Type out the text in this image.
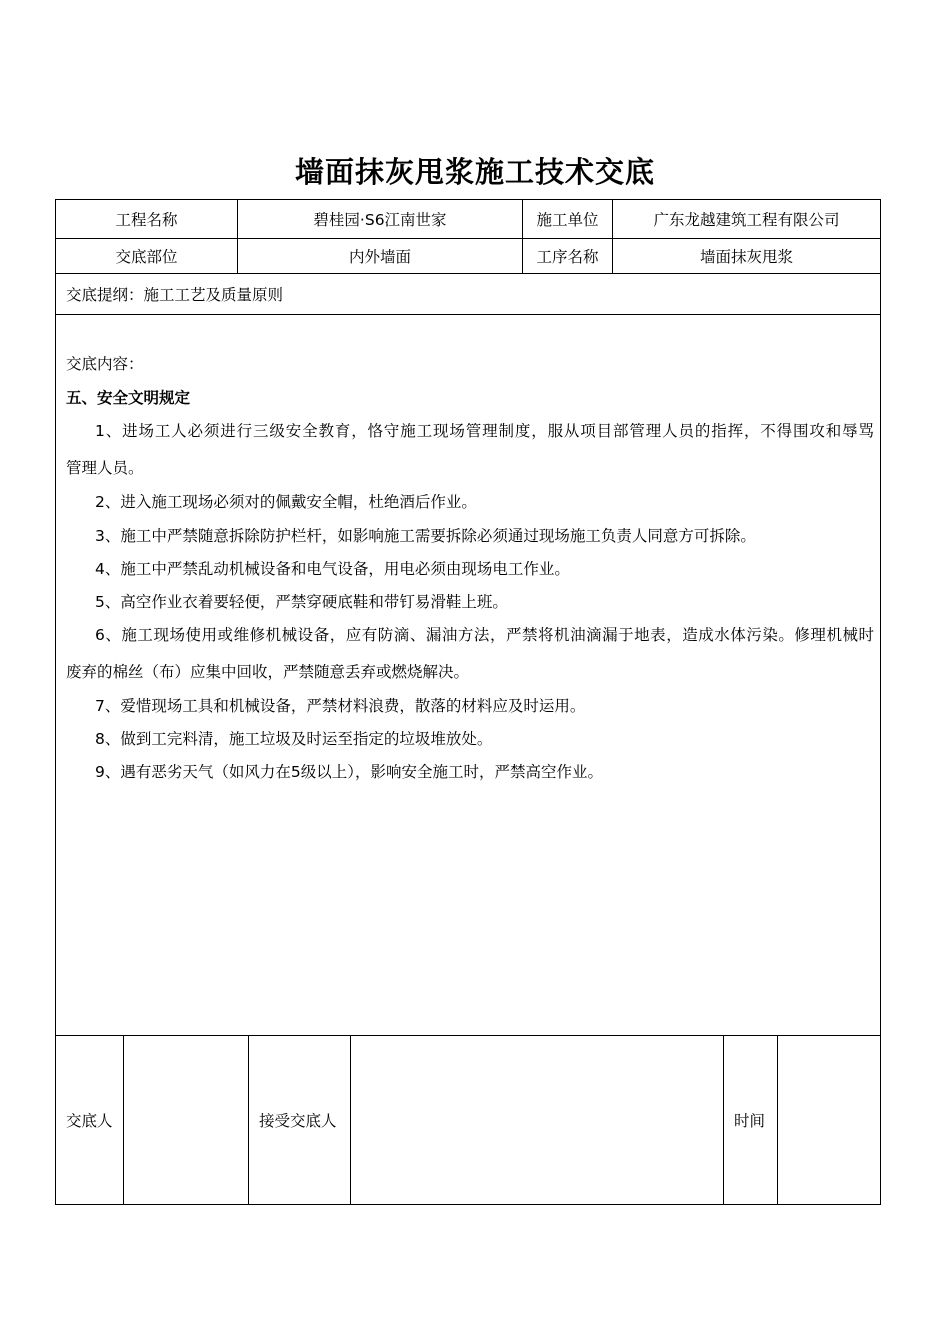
墙面抹灰甩浆施工技术交底
工程名称	碧桂园·S6江南世家	施工单位	广东龙越建筑工程有限公司
交底部位	内外墙面	工序名称	墙面抹灰甩浆
交底提纲：施工工艺及质量原则
交底内容：
五、安全文明规定
1、进场工人必须进行三级安全教育，恪守施工现场管理制度，服从项目部管理人员的指挥，不得围攻和辱骂
管理人员。
2、进入施工现场必须对的佩戴安全帽，杜绝酒后作业。
3、施工中严禁随意拆除防护栏杆，如影响施工需要拆除必须通过现场施工负责人同意方可拆除。
4、施工中严禁乱动机械设备和电气设备，用电必须由现场电工作业。
5、高空作业衣着要轻便，严禁穿硬底鞋和带钉易滑鞋上班。
6、施工现场使用或维修机械设备，应有防滴、漏油方法，严禁将机油滴漏于地表，造成水体污染。修理机械时
废弃的棉丝（布）应集中回收，严禁随意丢弃或燃烧解决。
7、爱惜现场工具和机械设备，严禁材料浪费，散落的材料应及时运用。
8、做到工完料清，施工垃圾及时运至指定的垃圾堆放处。
9、遇有恶劣天气（如风力在5级以上），影响安全施工时，严禁高空作业。
交底人	接受交底人	时间
